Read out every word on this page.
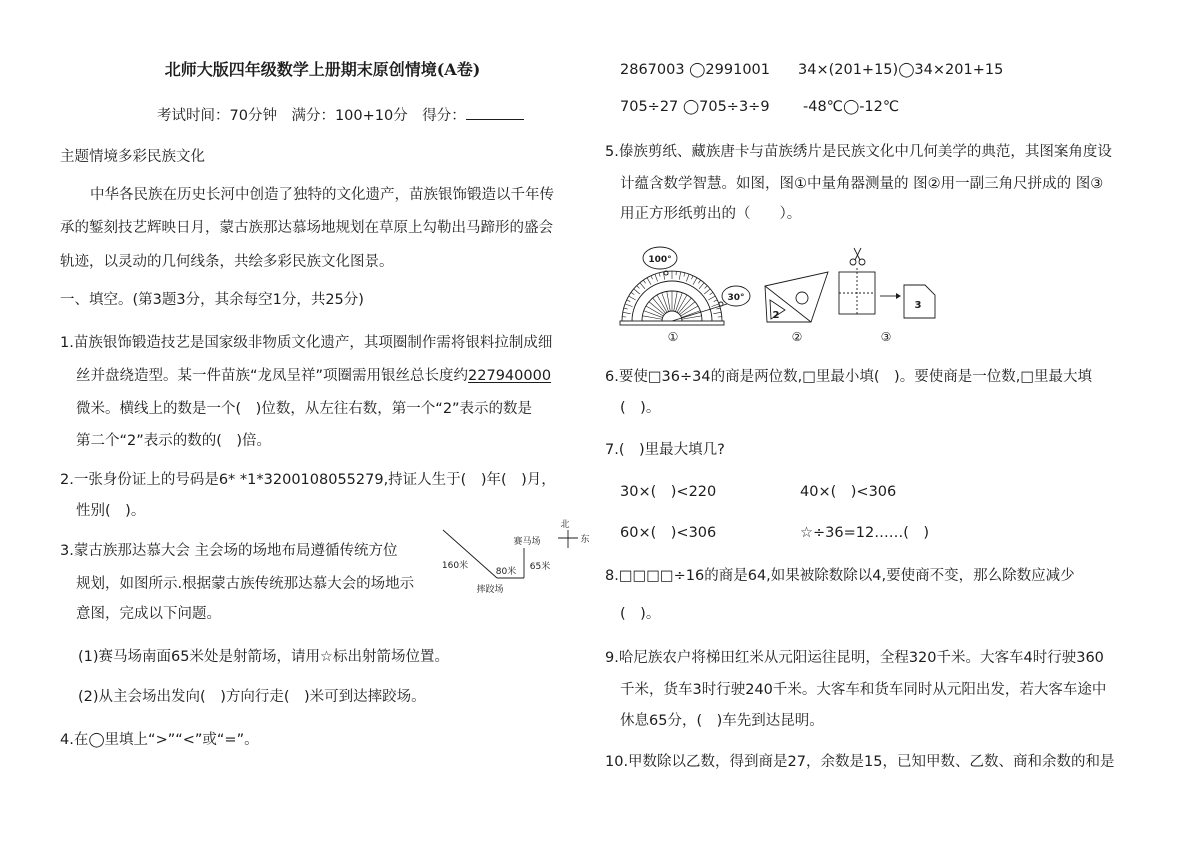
北师大版四年级数学上册期末原创情境(A卷)
考试时间：70分钟　满分：100+10分　得分：
主题情境多彩民族文化
中华各民族在历史长河中创造了独特的文化遗产，苗族银饰锻造以千年传
承的錾刻技艺辉映日月，蒙古族那达慕场地规划在草原上勾勒出马蹄形的盛会
轨迹，以灵动的几何线条，共绘多彩民族文化图景。
一、填空。(第3题3分，其余每空1分，共25分)
1.苗族银饰锻造技艺是国家级非物质文化遗产，其项圈制作需将银料拉制成细
丝并盘绕造型。某一件苗族“龙凤呈祥”项圈需用银丝总长度约227940000
微米。横线上的数是一个(　)位数，从左往右数，第一个“2”表示的数是
第二个“2”表示的数的(　)倍。
2.一张身份证上的号码是6* *1*3200108055279,持证人生于(　)年(　)月，
性别(　)。
3.蒙古族那达慕大会 主会场的场地布局遵循传统方位
规划，如图所示.根据蒙古族传统那达慕大会的场地示
意图，完成以下问题。
160米
80米 65米
赛马场
摔跤场
北
东
(1)赛马场南面65米处是射箭场，请用☆标出射箭场位置。
(2)从主会场出发向(　)方向行走(　)米可到达摔跤场。
4.在◯里填上“>”“<”或“=”。
2867003 ◯2991001 34×(201+15)◯34×201+15
705÷27 ◯705÷3÷9 -48℃◯-12℃
5.傣族剪纸、藏族唐卡与苗族绣片是民族文化中几何美学的典范，其图案角度设
计蕴含数学智慧。如图，图①中量角器测量的 图②用一副三角尺拼成的 图③
用正方形纸剪出的（　　）。
100°
30°
①
2
②
3
③
6.要使□36÷34的商是两位数,□里最小填(　)。要使商是一位数,□里最大填
(　)。
7.(　)里最大填几?
30×(　)<220	40×(　)<306
60×(　)<306	☆÷36=12……(　)
8.□□□□÷16的商是64,如果被除数除以4,要使商不变，那么除数应减少
(　)。
9.哈尼族农户将梯田红米从元阳运往昆明，全程320千米。大客车4时行驶360
千米，货车3时行驶240千米。大客车和货车同时从元阳出发，若大客车途中
休息65分，(　)车先到达昆明。
10.甲数除以乙数，得到商是27，余数是15，已知甲数、乙数、商和余数的和是
